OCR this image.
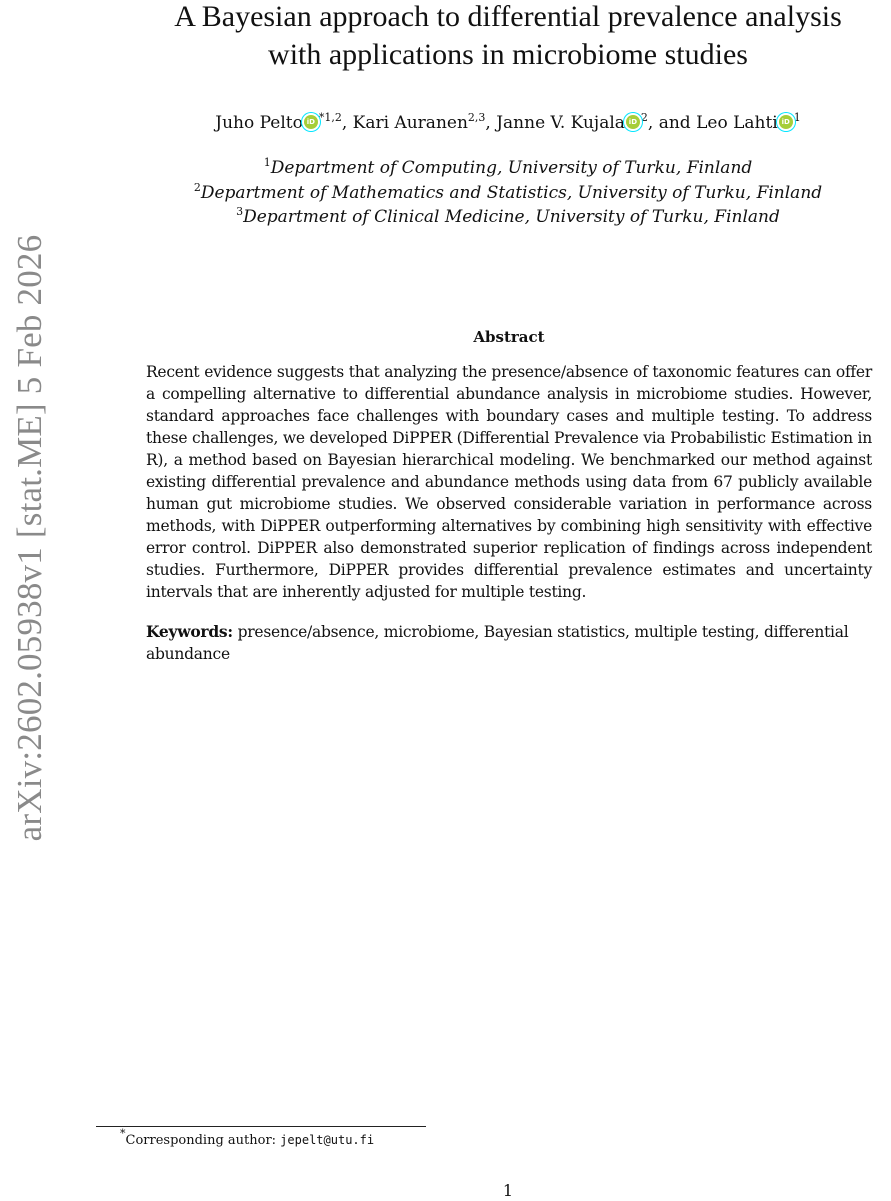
arXiv:2602.05938v1 [stat.ME] 5 Feb 2026
A Bayesian approach to differential prevalence analysis
with applications in microbiome studies
Juho Pelto iD $^{*1,2}$, Kari Auranen$^{2,3}$, Janne V. Kujala iD $^2$, and Leo Lahti iD $^1$
$^1$Department of Computing, University of Turku, Finland
$^2$Department of Mathematics and Statistics, University of Turku, Finland
$^3$Department of Clinical Medicine, University of Turku, Finland
Abstract
Recent evidence suggests that analyzing the presence/absence of taxonomic features can offer a compelling alternative to differential abundance analysis in microbiome studies. However, standard approaches face challenges with boundary cases and multiple testing. To address these challenges, we developed DiPPER (Differential Prevalence via Probabilistic Estimation in R), a method based on Bayesian hierarchical modeling. We benchmarked our method against existing differential prevalence and abundance methods using data from 67 publicly available human gut microbiome studies. We observed considerable variation in performance across methods, with DiPPER outperforming alternatives by combining high sensitivity with effective error control. DiPPER also demonstrated superior replication of findings across independent studies. Furthermore, DiPPER provides differential prevalence estimates and uncertainty intervals that are inherently adjusted for multiple testing.
Keywords: presence/absence, microbiome, Bayesian statistics, multiple testing, differential abundance
*Corresponding author: jepelt@utu.fi
1
